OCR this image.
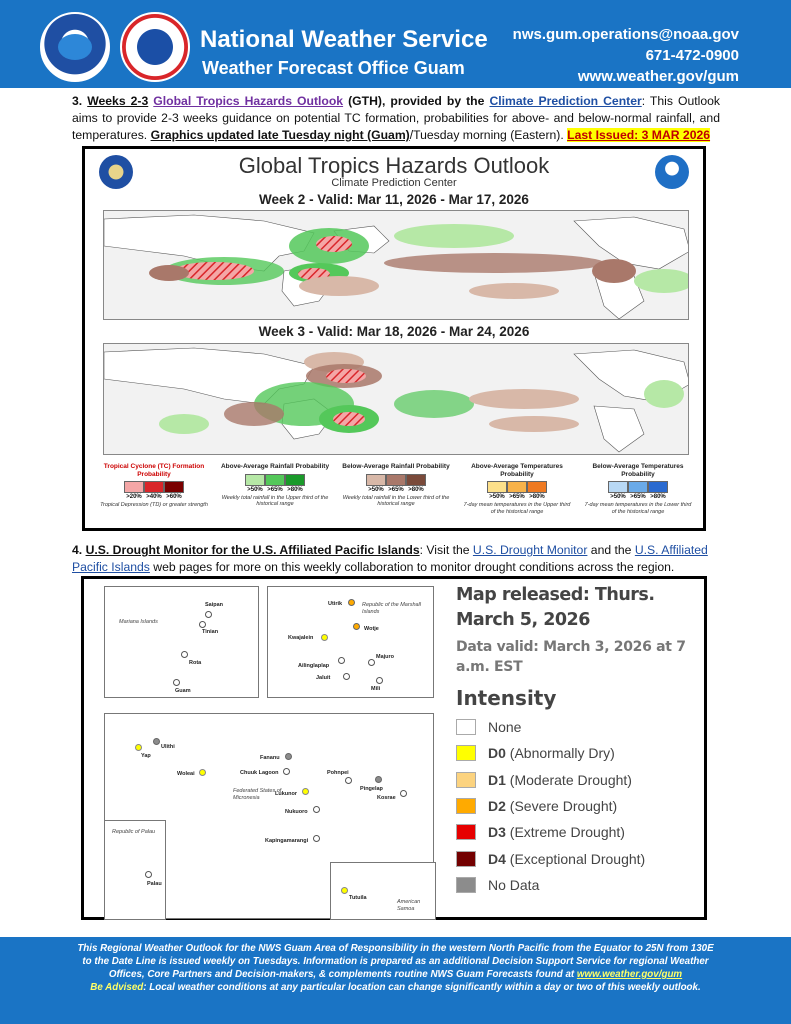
National Weather Service
Weather Forecast Office Guam
nws.gum.operations@noaa.gov
671-472-0900
www.weather.gov/gum
3. Weeks 2-3 Global Tropics Hazards Outlook (GTH), provided by the Climate Prediction Center: This Outlook aims to provide 2-3 weeks guidance on potential TC formation, probabilities for above- and below-normal rainfall, and temperatures. Graphics updated late Tuesday night (Guam)/Tuesday morning (Eastern). Last Issued: 3 MAR 2026
Global Tropics Hazards Outlook
Climate Prediction Center
Week 2 - Valid: Mar 11, 2026 - Mar 17, 2026
Week 3 - Valid: Mar 18, 2026 - Mar 24, 2026
Tropical Cyclone (TC) Formation Probability
>20% >40% >60%
Tropical Depression (TD) or greater strength
Above-Average Rainfall Probability
>50% >65% >80%
Weekly total rainfall in the Upper third of the historical range
Below-Average Rainfall Probability
>50% >65% >80%
Weekly total rainfall in the Lower third of the historical range
Above-Average Temperatures Probability
>50% >65% >80%
7-day mean temperatures in the Upper third of the historical range
Below-Average Temperatures Probability
>50% >65% >80%
7-day mean temperatures in the Lower third of the historical range
4. U.S. Drought Monitor for the U.S. Affiliated Pacific Islands: Visit the U.S. Drought Monitor and the U.S. Affiliated Pacific Islands web pages for more on this weekly collaboration to monitor drought conditions across the region.
Mariana Islands
Saipan
Tinian
Rota
Guam
Utirik	Republic of the Marshall Islands
Wotje
Kwajalein
Ailinglaplap
Majuro
Jaluit
Mili
Yap
Ulithi
Woleai
Fananu
Chuuk Lagoon
Federated States of Micronesia
Pohnpei
Pingelap
Kosrae
Lukunor
Nukuoro
Kapingamarangi
Republic of Palau
Palau
Tutuila
American Samoa
Map released: Thurs. March 5, 2026
Data valid: March 3, 2026 at 7 a.m. EST
Intensity
None
D0 (Abnormally Dry)
D1 (Moderate Drought)
D2 (Severe Drought)
D3 (Extreme Drought)
D4 (Exceptional Drought)
No Data
This Regional Weather Outlook for the NWS Guam Area of Responsibility in the western North Pacific from the Equator to 25N from 130E
to the Date Line is issued weekly on Tuesdays. Information is prepared as an additional Decision Support Service for regional Weather
Offices, Core Partners and Decision-makers, & complements routine NWS Guam Forecasts found at www.weather.gov/gum
Be Advised: Local weather conditions at any particular location can change significantly within a day or two of this weekly outlook.
